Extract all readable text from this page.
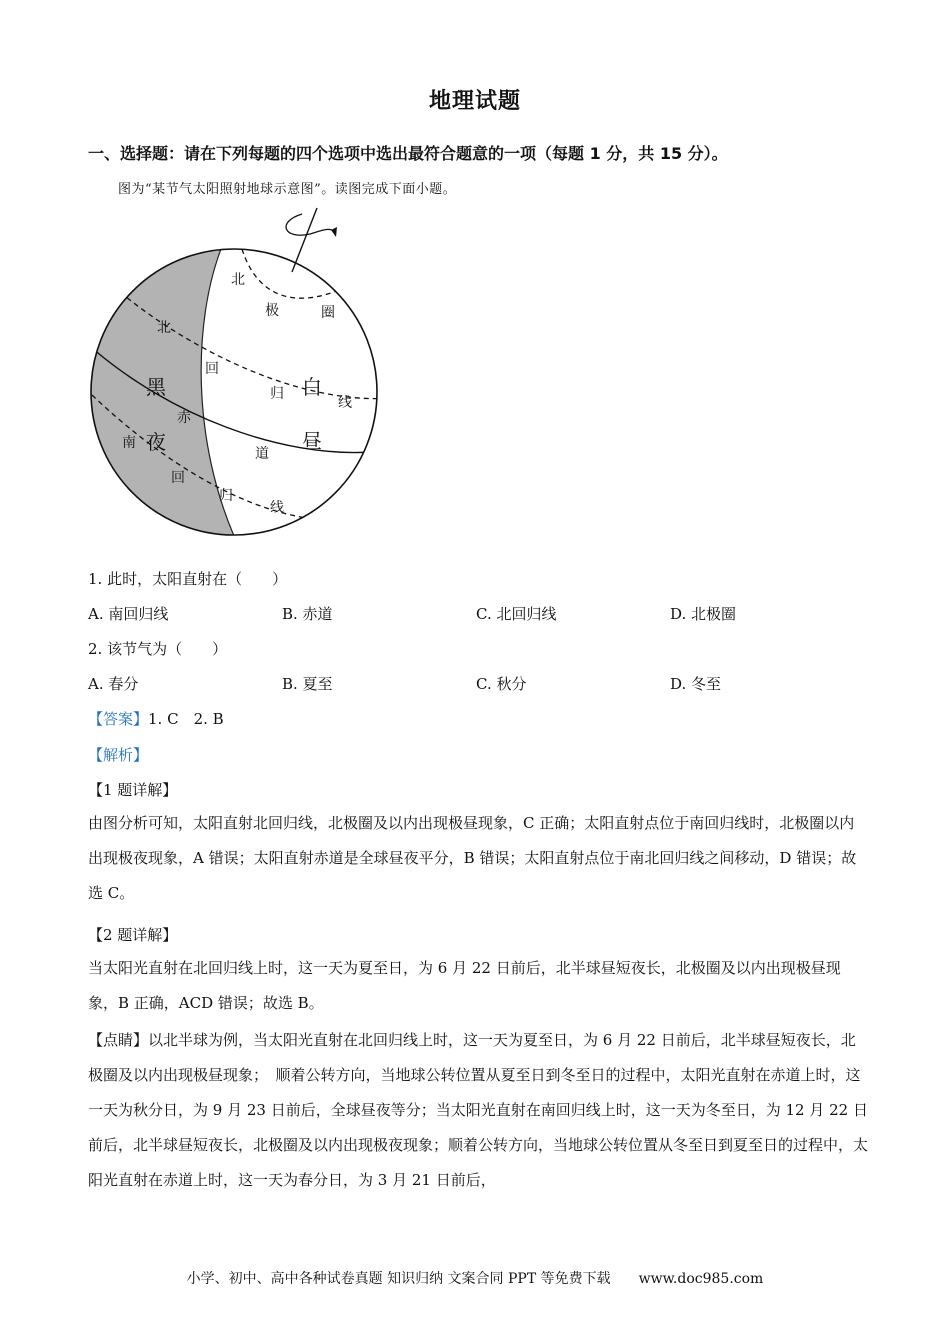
地理试题
一、选择题：请在下列每题的四个选项中选出最符合题意的一项（每题 1 分，共 15 分）。
图为“某节气太阳照射地球示意图”。读图完成下面小题。
北
极	圈
北
回
黑	归 白
线
赤
南 夜	昼
道
回
归
线
1. 此时，太阳直射在（　　）
A. 南回归线	B. 赤道	C. 北回归线	D. 北极圈
2. 该节气为（　　）
A. 春分	B. 夏至	C. 秋分	D. 冬至
【答案】1. C　2. B
【解析】
【1 题详解】
由图分析可知，太阳直射北回归线，北极圈及以内出现极昼现象，C 正确；太阳直射点位于南回归线时，北极圈以内出现极夜现象，A 错误；太阳直射赤道是全球昼夜平分，B 错误；太阳直射点位于南北回归线之间移动，D 错误；故选 C。
【2 题详解】
当太阳光直射在北回归线上时，这一天为夏至日，为 6 月 22 日前后，北半球昼短夜长，北极圈及以内出现极昼现象，B 正确，ACD 错误；故选 B。
【点睛】以北半球为例，当太阳光直射在北回归线上时，这一天为夏至日，为 6 月 22 日前后，北半球昼短夜长，北极圈及以内出现极昼现象；　顺着公转方向，当地球公转位置从夏至日到冬至日的过程中，太阳光直射在赤道上时，这一天为秋分日，为 9 月 23 日前后，全球昼夜等分；当太阳光直射在南回归线上时，这一天为冬至日，为 12 月 22 日前后，北半球昼短夜长，北极圈及以内出现极夜现象；顺着公转方向，当地球公转位置从冬至日到夏至日的过程中，太阳光直射在赤道上时，这一天为春分日，为 3 月 21 日前后，
小学、初中、高中各种试卷真题 知识归纳 文案合同 PPT 等免费下载　　www.doc985.com
